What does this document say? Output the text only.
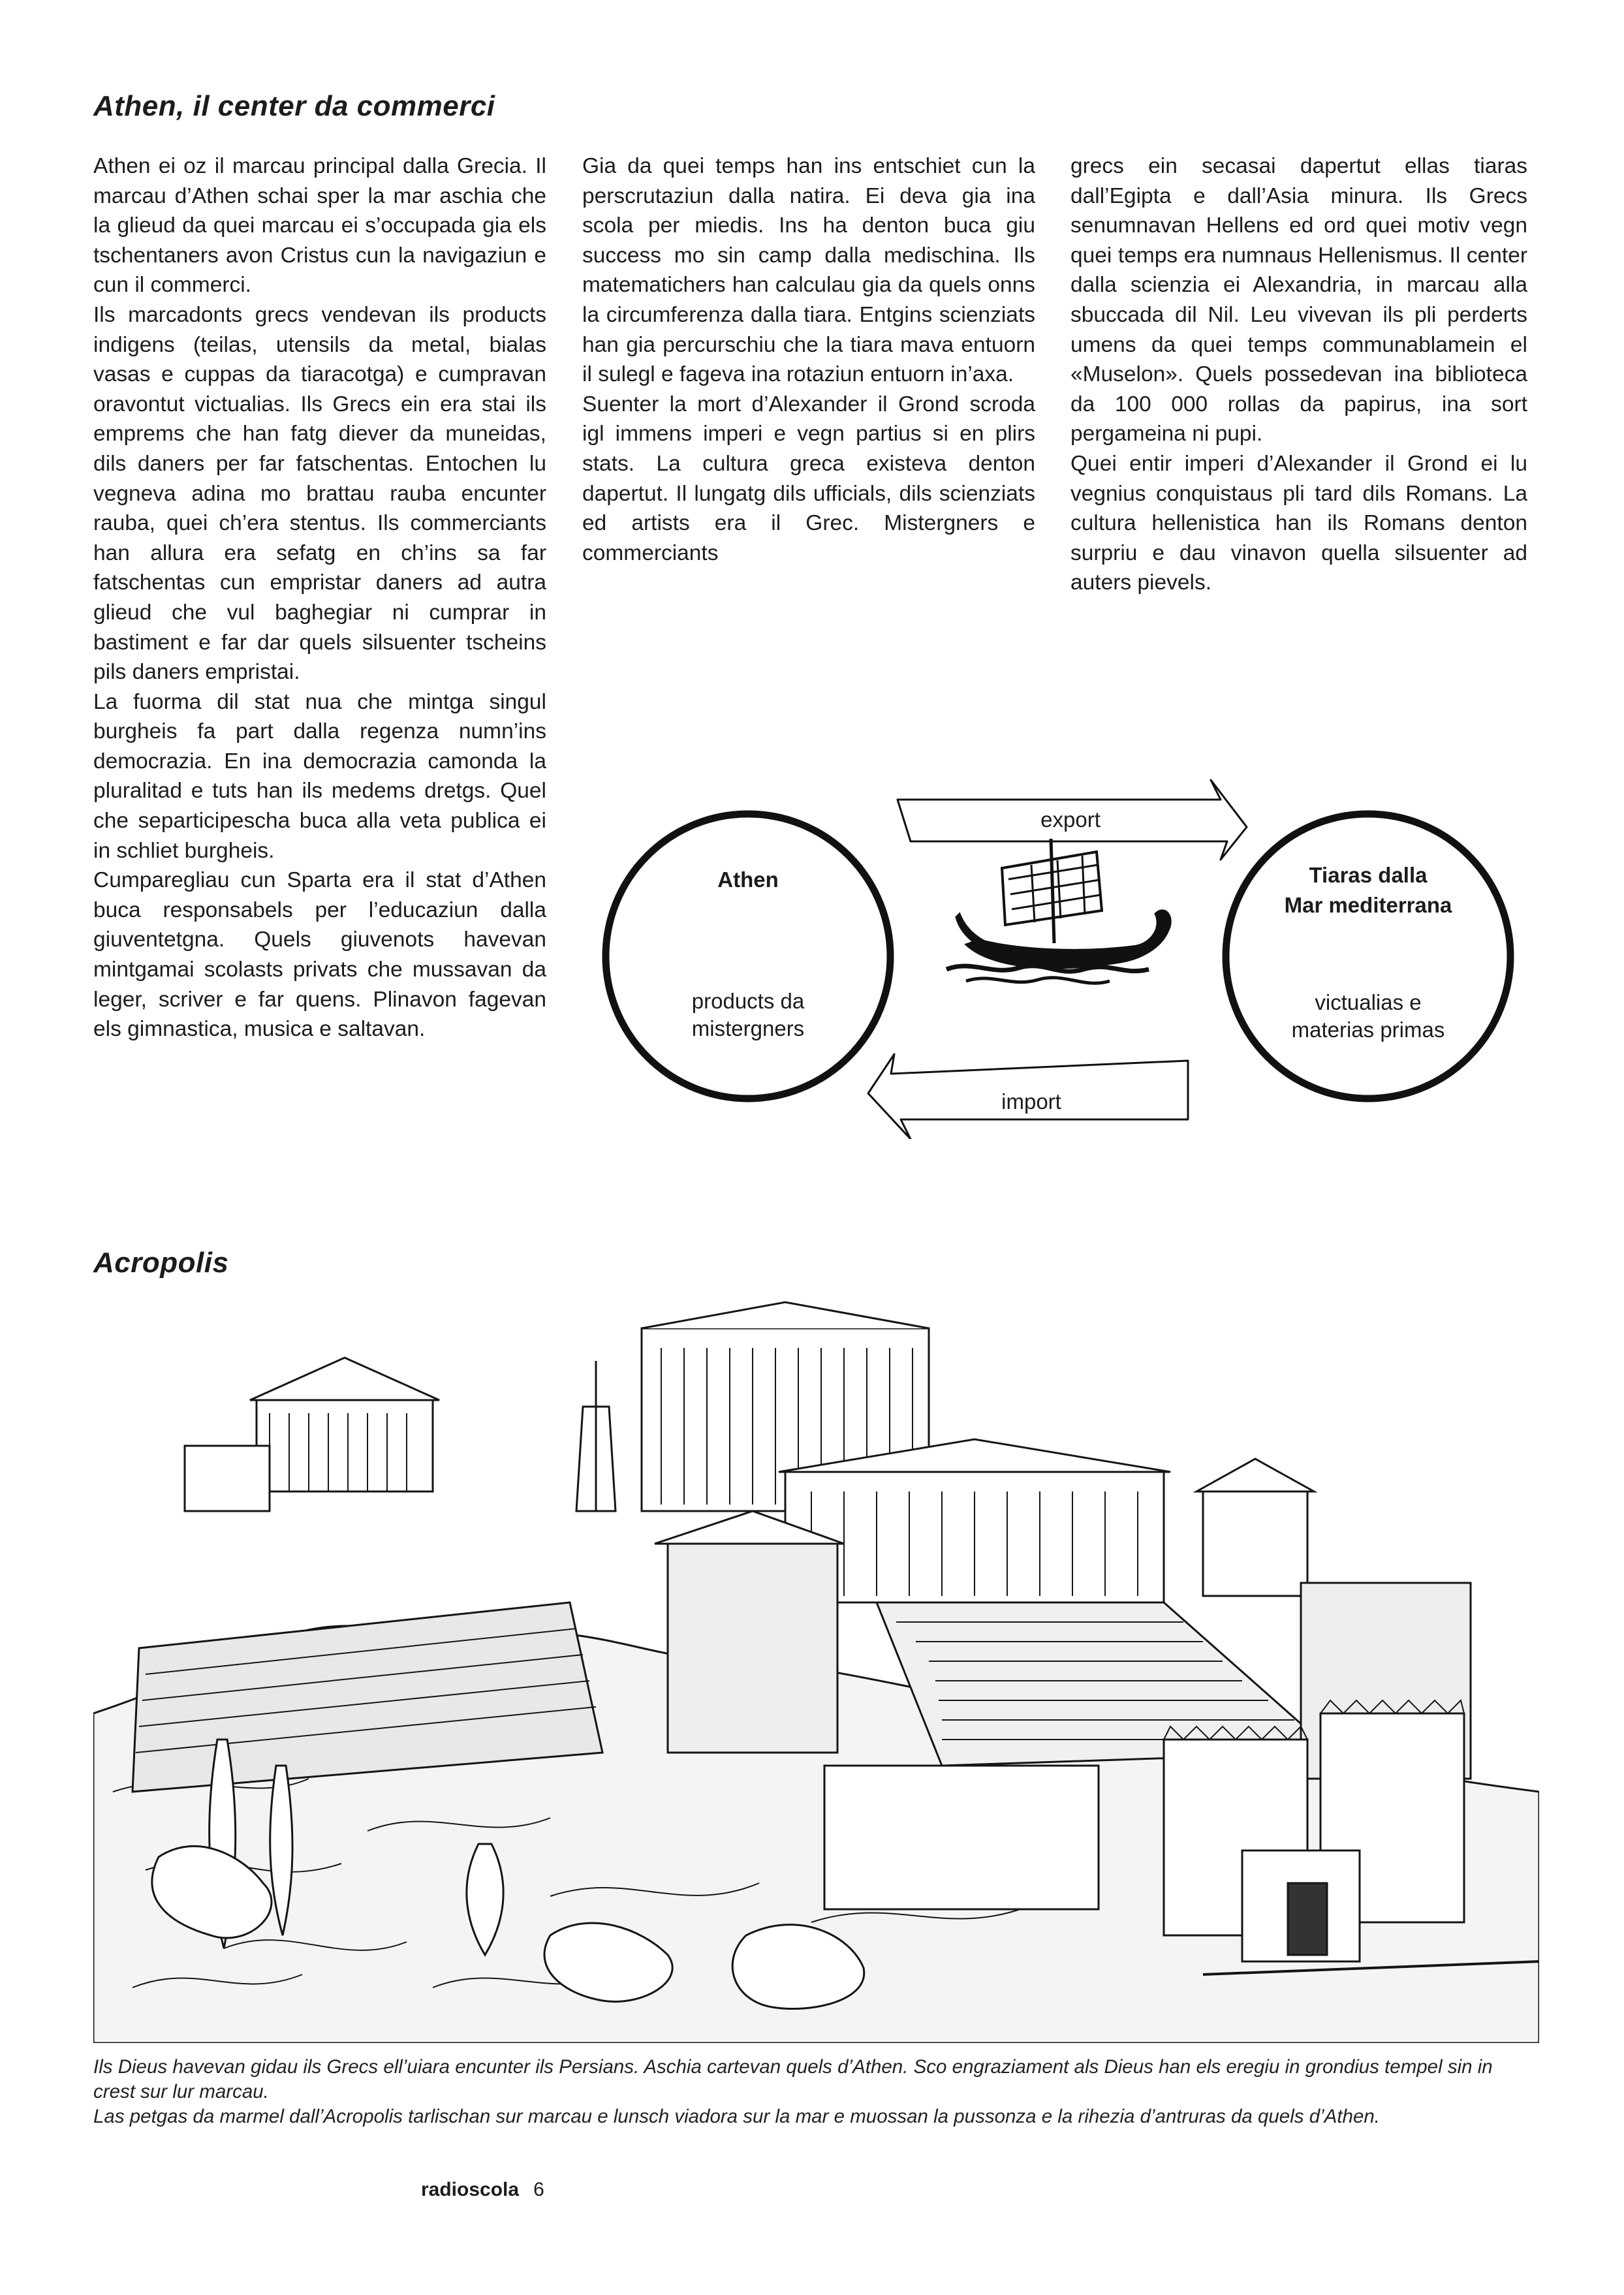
Athen, il center da commerci

Athen ei oz il marcau principal dalla Grecia. Il marcau d’Athen schai sper la mar aschia che la glieud da quei marcau ei s’occupada gia els tschentaners avon Cristus cun la navigaziun e cun il commerci.

Ils marcadonts grecs vendevan ils products indigens (teilas, utensils da metal, bialas vasas e cuppas da tiaracotga) e cumpravan oravontut victualias. Ils Grecs ein era stai ils emprems che han fatg diever da muneidas, dils daners per far fatschentas. Entochen lu vegneva adina mo brattau rauba encunter rauba, quei ch’era stentus. Ils commerciants han allura era sefatg en ch’ins sa far fatschentas cun empristar daners ad autra glieud che vul baghegiar ni cumprar in bastiment e far dar quels silsuenter tscheins pils daners empristai.

La fuorma dil stat nua che mintga singul burgheis fa part dalla regenza numn’ins democrazia. En ina democrazia camonda la pluralitad e tuts han ils medems dretgs. Quel che separticipescha buca alla veta publica ei in schliet burgheis.

Cumparegliau cun Sparta era il stat d’Athen buca responsabels per l’educaziun dalla giuventetgna. Quels giuvenots havevan mintgamai scolasts privats che mussavan da leger, scriver e far quens. Plinavon fagevan els gimnastica, musica e saltavan.

Gia da quei temps han ins entschiet cun la perscrutaziun dalla natira. Ei deva gia ina scola per miedis. Ins ha denton buca giu success mo sin camp dalla medischina. Ils matematichers han calculau gia da quels onns la circumferenza dalla tiara. Entgins scienziats han gia percurschiu che la tiara mava entuorn il sulegl e fageva ina rotaziun entuorn in’axa.

Suenter la mort d’Alexander il Grond scroda igl immens imperi e vegn partius si en plirs stats. La cultura greca existeva denton dapertut. Il lungatg dils ufficials, dils scienziats ed artists era il Grec. Mistergners e commerciants

grecs ein secasai dapertut ellas tiaras dall’Egipta e dall’Asia minura. Ils Grecs senumnavan Hellens ed ord quei motiv vegn quei temps era numnaus Hellenismus. Il center dalla scienzia ei Alexandria, in marcau alla sbuccada dil Nil. Leu vivevan ils pli perderts umens da quei temps communablamein el «Muselon». Quels possedevan ina biblioteca da 100 000 rollas da papirus, ina sort pergameina ni pupi.

Quei entir imperi d’Alexander il Grond ei lu vegnius conquistaus pli tard dils Romans. La cultura hellenistica han ils Romans denton surpriu e dau vinavon quella silsuenter ad auters pievels.

export
import
Athen
products da
mistergners
Tiaras dalla
Mar mediterrana
victualias e
materias primas
Acropolis

Ils Dieus havevan gidau ils Grecs ell’uiara encunter ils Persians. Aschia cartevan quels d’Athen. Sco engraziament als Dieus han els eregiu in grondius tempel sin in crest sur lur marcau.

Las petgas da marmel dall’Acropolis tarlischan sur marcau e lunsch viadora sur la mar e muossan la pussonza e la rihezia d’antruras da quels d’Athen.

radioscola 6
